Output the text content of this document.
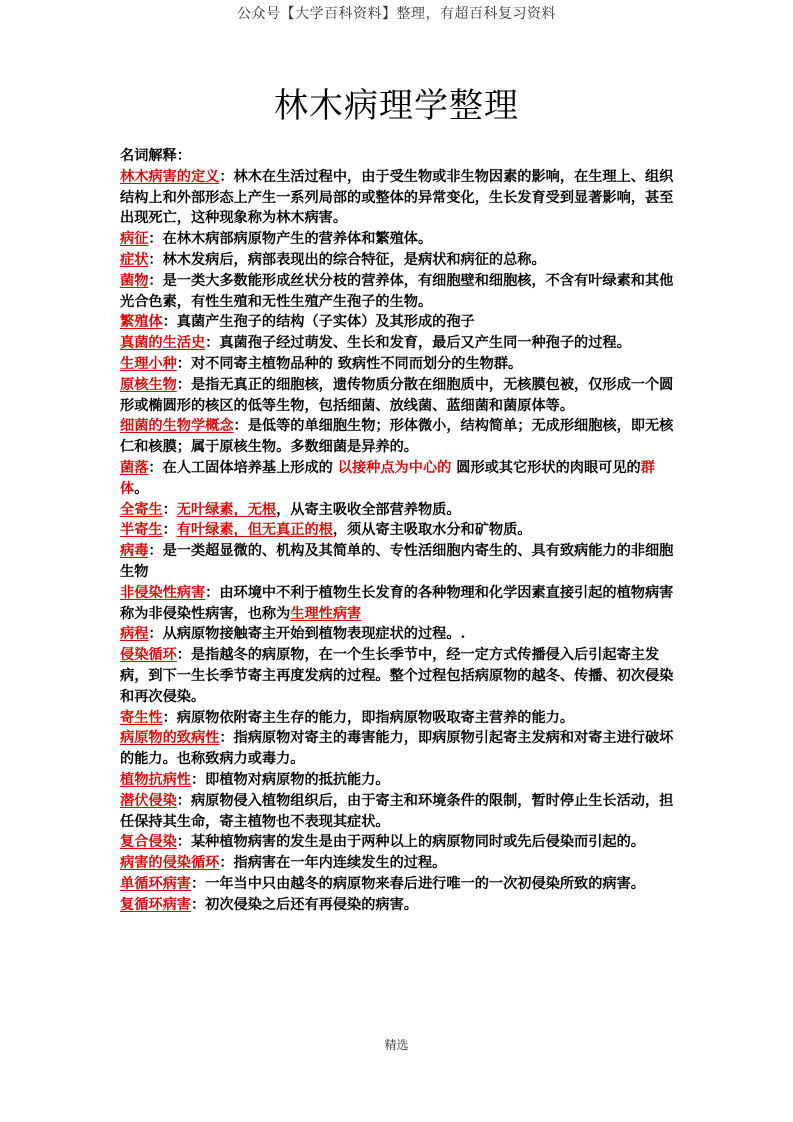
公众号【大学百科资料】整理，有超百科复习资料
林木病理学整理

名词解释：

林木病害的定义：林木在生活过程中，由于受生物或非生物因素的影响，在生理上、组织结构上和外部形态上产生一系列局部的或整体的异常变化，生长发育受到显著影响，甚至出现死亡，这种现象称为林木病害。

病征：在林木病部病原物产生的营养体和繁殖体。

症状：林木发病后，病部表现出的综合特征，是病状和病征的总称。

菌物：是一类大多数能形成丝状分枝的营养体，有细胞壁和细胞核，不含有叶绿素和其他光合色素，有性生殖和无性生殖产生孢子的生物。

繁殖体：真菌产生孢子的结构（子实体）及其形成的孢子

真菌的生活史：真菌孢子经过萌发、生长和发育，最后又产生同一种孢子的过程。

生理小种：对不同寄主植物品种的 致病性不同而划分的生物群。

原核生物：是指无真正的细胞核，遗传物质分散在细胞质中，无核膜包被，仅形成一个圆形或椭圆形的核区的低等生物，包括细菌、放线菌、蓝细菌和菌原体等。

细菌的生物学概念：是低等的单细胞生物；形体微小，结构简单；无成形细胞核，即无核仁和核膜；属于原核生物。多数细菌是异养的。

菌落：在人工固体培养基上形成的 以接种点为中心的 圆形或其它形状的肉眼可见的群体。

全寄生：无叶绿素，无根，从寄主吸收全部营养物质。

半寄生：有叶绿素，但无真正的根，须从寄主吸取水分和矿物质。

病毒：是一类超显微的、机构及其简单的、专性活细胞内寄生的、具有致病能力的非细胞生物

非侵染性病害：由环境中不利于植物生长发育的各种物理和化学因素直接引起的植物病害称为非侵染性病害，也称为生理性病害

病程：从病原物接触寄主开始到植物表现症状的过程。.

侵染循环：是指越冬的病原物，在一个生长季节中，经一定方式传播侵入后引起寄主发病，到下一生长季节寄主再度发病的过程。整个过程包括病原物的越冬、传播、初次侵染和再次侵染。

寄生性：病原物依附寄主生存的能力，即指病原物吸取寄主营养的能力。

病原物的致病性：指病原物对寄主的毒害能力，即病原物引起寄主发病和对寄主进行破坏的能力。也称致病力或毒力。

植物抗病性：即植物对病原物的抵抗能力。

潜伏侵染：病原物侵入植物组织后，由于寄主和环境条件的限制，暂时停止生长活动，担任保持其生命，寄主植物也不表现其症状。

复合侵染：某种植物病害的发生是由于两种以上的病原物同时或先后侵染而引起的。

病害的侵染循环：指病害在一年内连续发生的过程。

单循环病害：一年当中只由越冬的病原物来春后进行唯一的一次初侵染所致的病害。

复循环病害：初次侵染之后还有再侵染的病害。

精选
